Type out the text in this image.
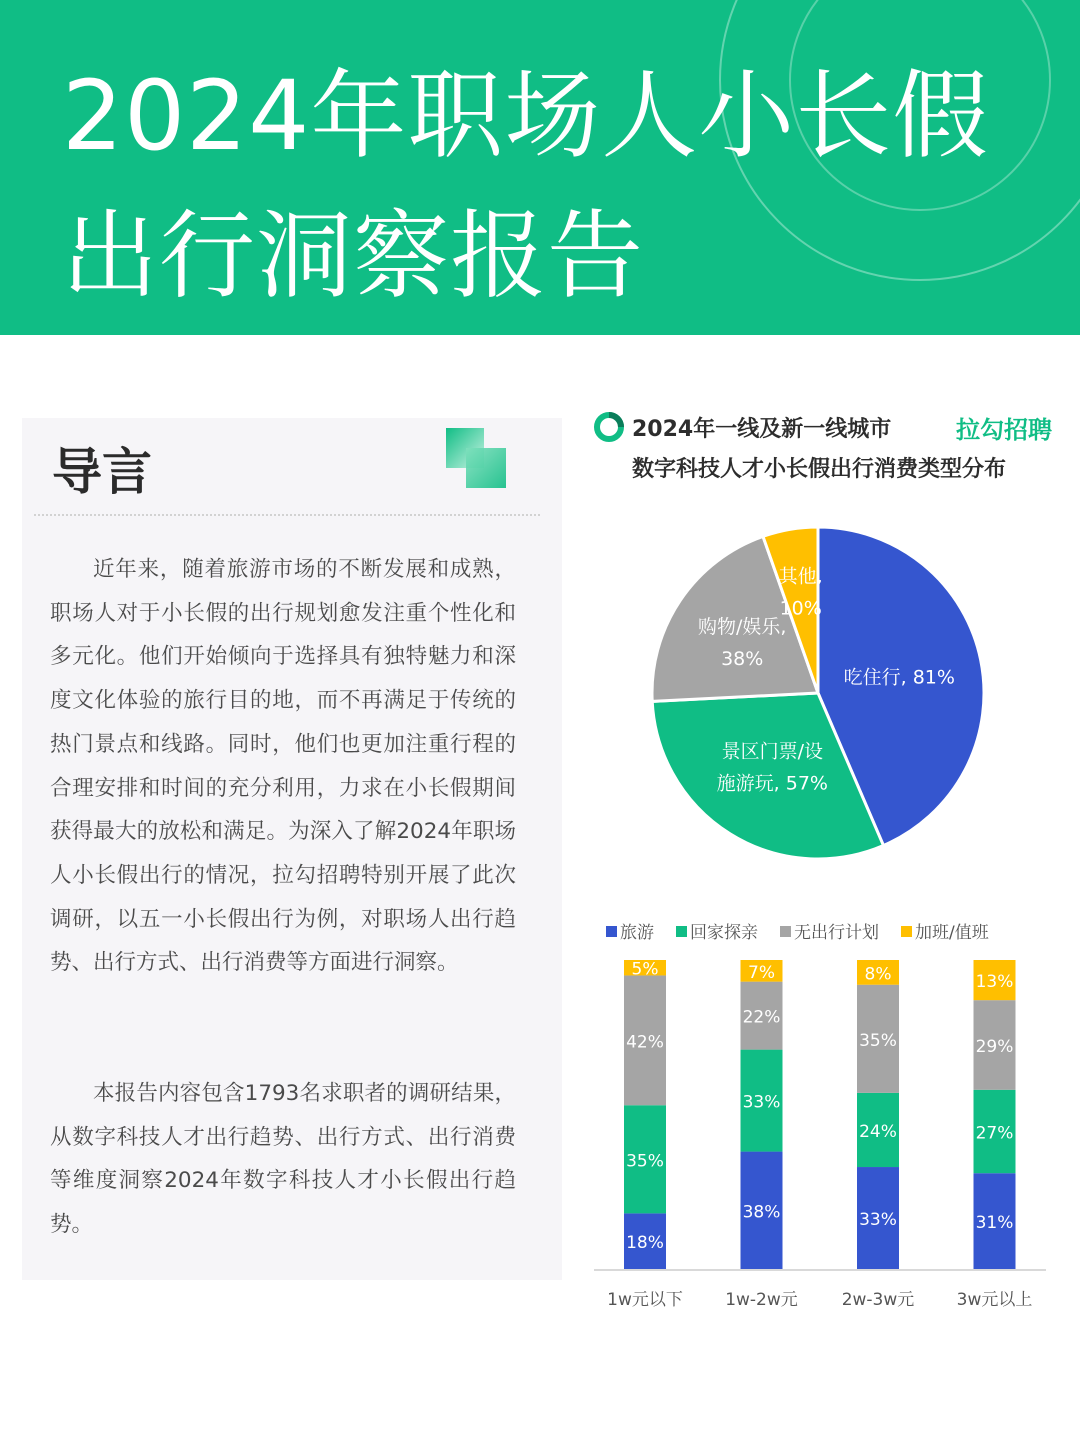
2024年职场人小长假
出行洞察报告
导言

近年来，随着旅游市场的不断发展和成熟，职场人对于小长假的出行规划愈发注重个性化和多元化。他们开始倾向于选择具有独特魅力和深度文化体验的旅行目的地，而不再满足于传统的热门景点和线路。同时，他们也更加注重行程的合理安排和时间的充分利用，力求在小长假期间获得最大的放松和满足。为深入了解2024年职场人小长假出行的情况，拉勾招聘特别开展了此次调研，以五一小长假出行为例，对职场人出行趋势、出行方式、出行消费等方面进行洞察。

本报告内容包含1793名求职者的调研结果，从数字科技人才出行趋势、出行方式、出行消费等维度洞察2024年数字科技人才小长假出行趋势。

2024年一线及新一线城市	拉勾招聘
数字科技人才小长假出行消费类型分布
吃住行, 81%
景区门票/设
施游玩, 57%
购物/娱乐,
38%
其他,
10%
旅游 回家探亲 无出行计划 加班/值班
18%
35%
42%
5%
1w元以下
38%
33%
22%
7%
1w-2w元
33%
24%
35%
8%
2w-3w元
31%
27%
29%
13%
3w元以上
